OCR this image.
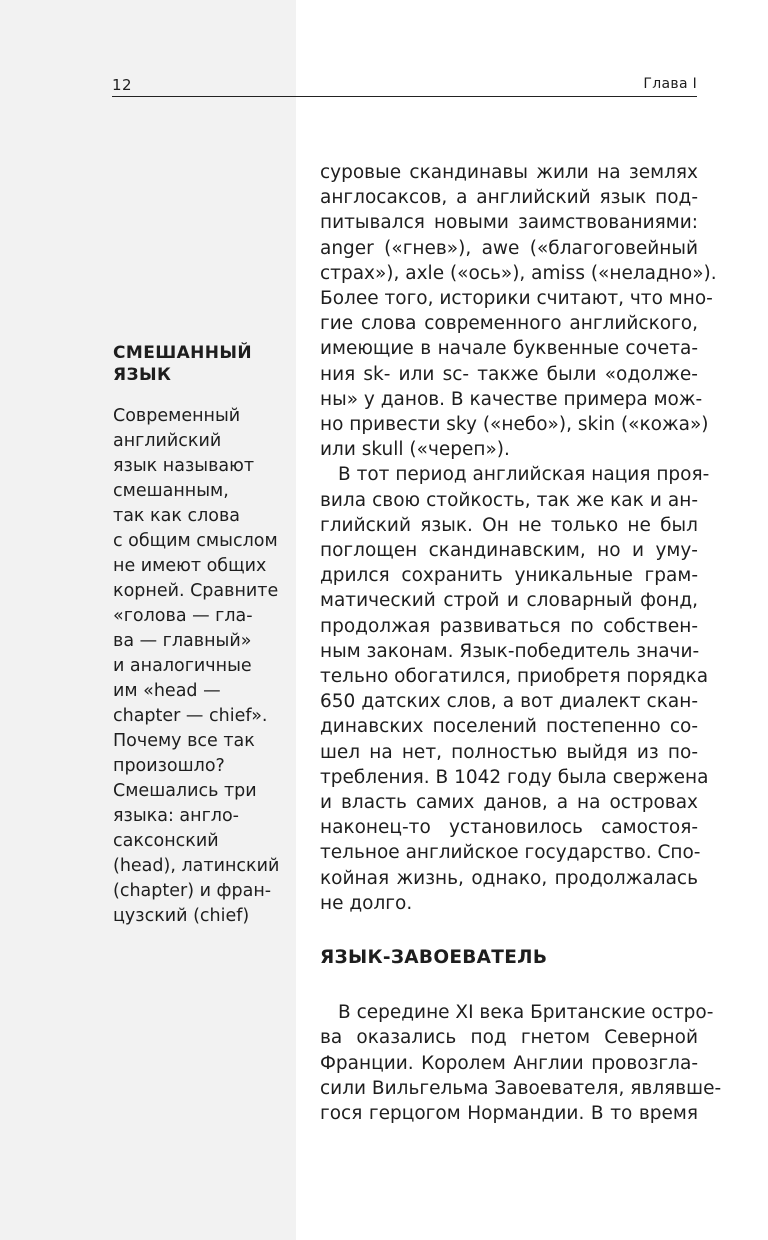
12	Глава I
СМЕШАННЫЙ
ЯЗЫК
Современный
английский
язык называют
смешанным,
так как слова
с общим смыслом
не имеют общих
корней. Сравните
«голова — гла-
ва — главный»
и аналогичные
им «head —
chapter — chief».
Почему все так
произошло?
Смешались три
языка: англо-
саксонский
(head), латинский
(chapter) и фран-
цузский (chief)
суровые скандинавы жили на землях
англосаксов, а английский язык под-
питывался новыми заимствованиями:
anger («гнев»), awe («благоговейный
страх»), axle («ось»), amiss («неладно»).
Более того, историки считают, что мно-
гие слова современного английского,
имеющие в начале буквенные сочета-
ния sk- или sc- также были «одолже-
ны» у данов. В качестве примера мож-
но привести sky («небо»), skin («кожа»)
или skull («череп»).
В тот период английская нация проя-
вила свою стойкость, так же как и ан-
глийский язык. Он не только не был
поглощен скандинавским, но и уму-
дрился сохранить уникальные грам-
матический строй и словарный фонд,
продолжая развиваться по собствен-
ным законам. Язык-победитель значи-
тельно обогатился, приобретя порядка
650 датских слов, а вот диалект скан-
динавских поселений постепенно со-
шел на нет, полностью выйдя из по-
требления. В 1042 году была свержена
и власть самих данов, а на островах
наконец-то установилось самостоя-
тельное английское государство. Спо-
койная жизнь, однако, продолжалась
не долго.
ЯЗЫК-ЗАВОЕВАТЕЛЬ
В середине XI века Британские остро-
ва оказались под гнетом Северной
Франции. Королем Англии провозгла-
сили Вильгельма Завоевателя, являвше-
гося герцогом Нормандии. В то время
